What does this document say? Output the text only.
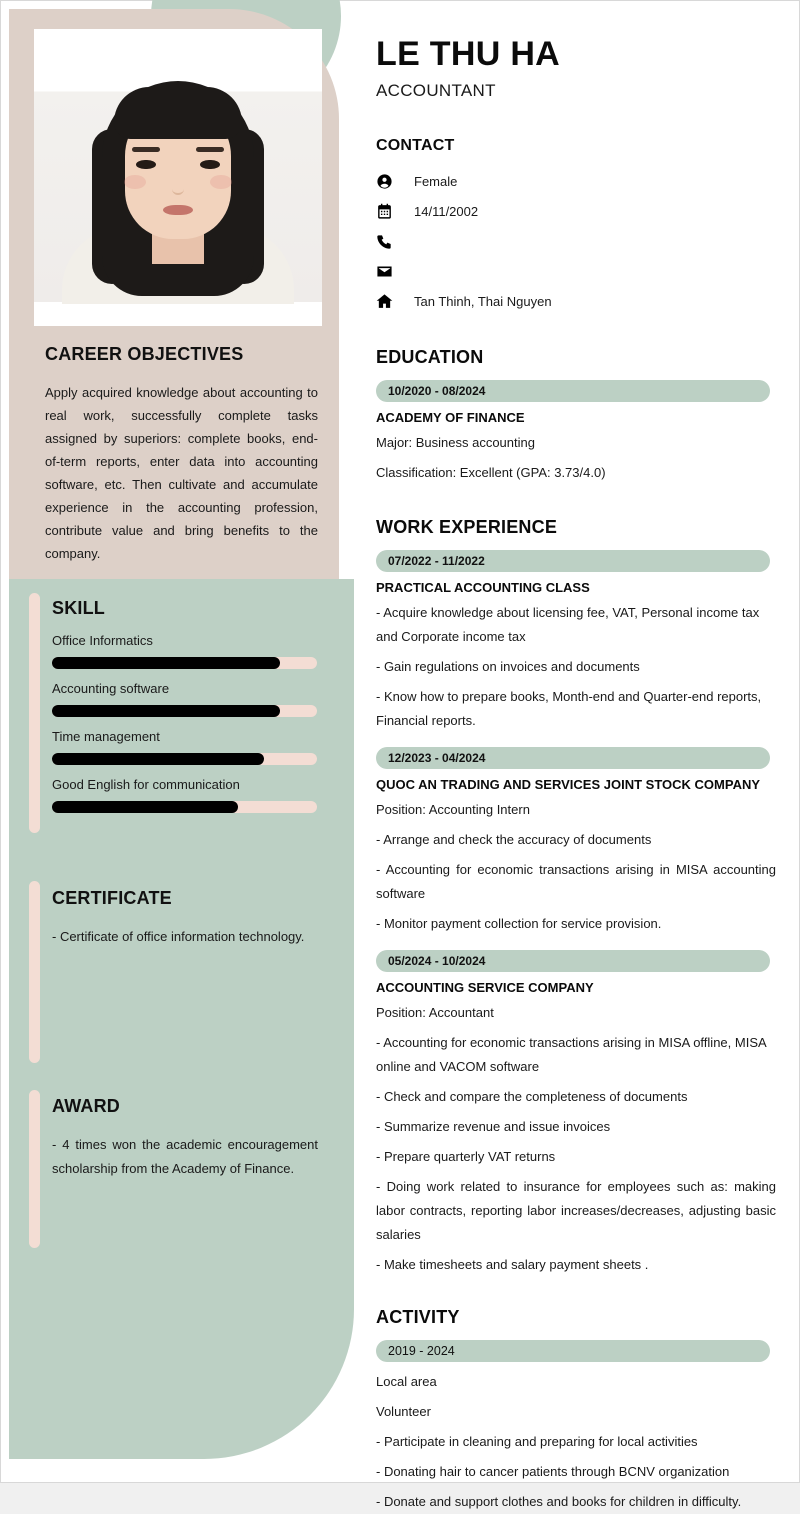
CAREER OBJECTIVES
Apply acquired knowledge about accounting to real work, successfully complete tasks assigned by superiors: complete books, end-of-term reports, enter data into accounting software, etc. Then cultivate and accumulate experience in the accounting profession, contribute value and bring benefits to the company.
SKILL
Office Informatics
Accounting software
Time management
Good English for communication
CERTIFICATE
- Certificate of office information technology.
AWARD
- 4 times won the academic encouragement scholarship from the Academy of Finance.
LE THU HA
ACCOUNTANT
CONTACT
Female
14/11/2002
Tan Thinh, Thai Nguyen
EDUCATION
10/2020 - 08/2024
ACADEMY OF FINANCE
Major: Business accounting
Classification: Excellent (GPA: 3.73/4.0)
WORK EXPERIENCE
07/2022 - 11/2022
PRACTICAL ACCOUNTING CLASS
- Acquire knowledge about licensing fee, VAT, Personal income tax and Corporate income tax
- Gain regulations on invoices and documents
- Know how to prepare books, Month-end and Quarter-end reports, Financial reports.
12/2023 - 04/2024
QUOC AN TRADING AND SERVICES JOINT STOCK COMPANY
Position: Accounting Intern
- Arrange and check the accuracy of documents
- Accounting for economic transactions arising in MISA accounting software
- Monitor payment collection for service provision.
05/2024 - 10/2024
ACCOUNTING SERVICE COMPANY
Position: Accountant
- Accounting for economic transactions arising in MISA offline, MISA online and VACOM software
- Check and compare the completeness of documents
- Summarize revenue and issue invoices
- Prepare quarterly VAT returns
- Doing work related to insurance for employees such as: making labor contracts, reporting labor increases/decreases, adjusting basic salaries
- Make timesheets and salary payment sheets .
ACTIVITY
2019 - 2024
Local area
Volunteer
- Participate in cleaning and preparing for local activities
- Donating hair to cancer patients through BCNV organization
- Donate and support clothes and books for children in difficulty.
